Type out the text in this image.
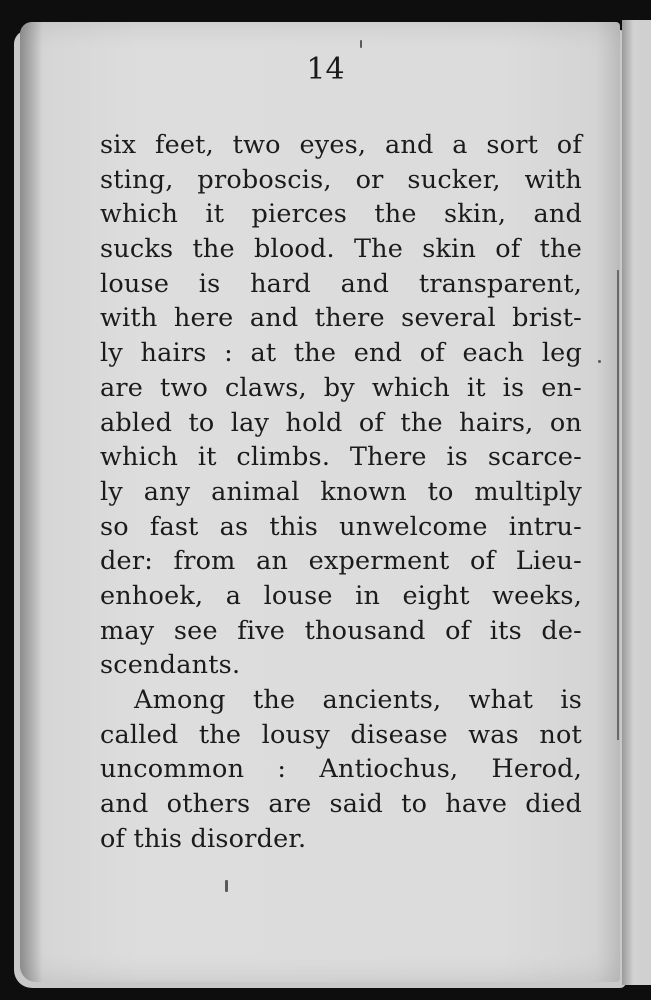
14
six feet, two eyes, and a sort of
sting, proboscis, or sucker, with
which it pierces the skin, and
sucks the blood. The skin of the
louse is hard and transparent,
with here and there several brist-
ly hairs : at the end of each leg
are two claws, by which it is en-
abled to lay hold of the hairs, on
which it climbs. There is scarce-
ly any animal known to multiply
so fast as this unwelcome intru-
der: from an experment of Lieu-
enhoek, a louse in eight weeks,
may see five thousand of its de-
scendants.
Among the ancients, what is
called the lousy disease was not
uncommon : Antiochus, Herod,
and others are said to have died
of this disorder.
